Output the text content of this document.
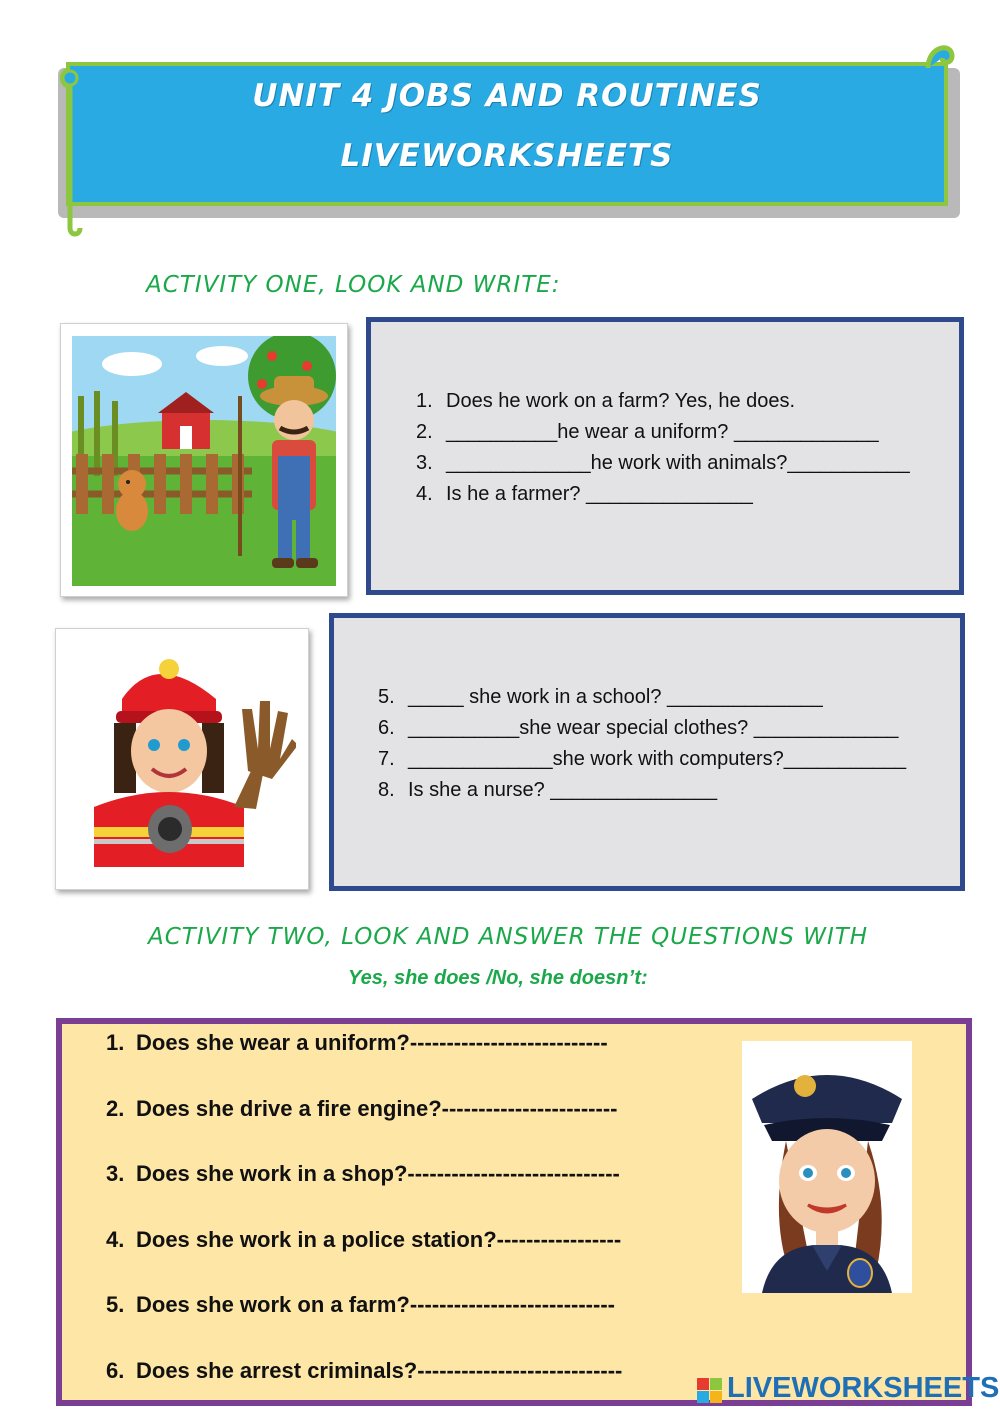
UNIT 4 JOBS AND ROUTINES
LIVEWORKSHEETS
ACTIVITY ONE, LOOK AND WRITE:
1. Does he work on a farm? Yes, he does.
2. __________he wear a uniform? _____________
3. _____________he work with animals?___________
4. Is he a farmer? _______________
5. _____ she work in a school? ______________
6. __________she wear special clothes? _____________
7. _____________she work with computers?___________
8. Is she a nurse? _______________
ACTIVITY TWO, LOOK AND ANSWER THE QUESTIONS WITH
Yes, she does /No, she doesn’t:
1. Does she wear a uniform?---------------------------
2. Does she drive a fire engine?------------------------
3. Does she work in a shop?-----------------------------
4. Does she work in a police station?-----------------
5. Does she work on a farm?----------------------------
6. Does she arrest criminals?----------------------------
LIVEWORKSHEETS
